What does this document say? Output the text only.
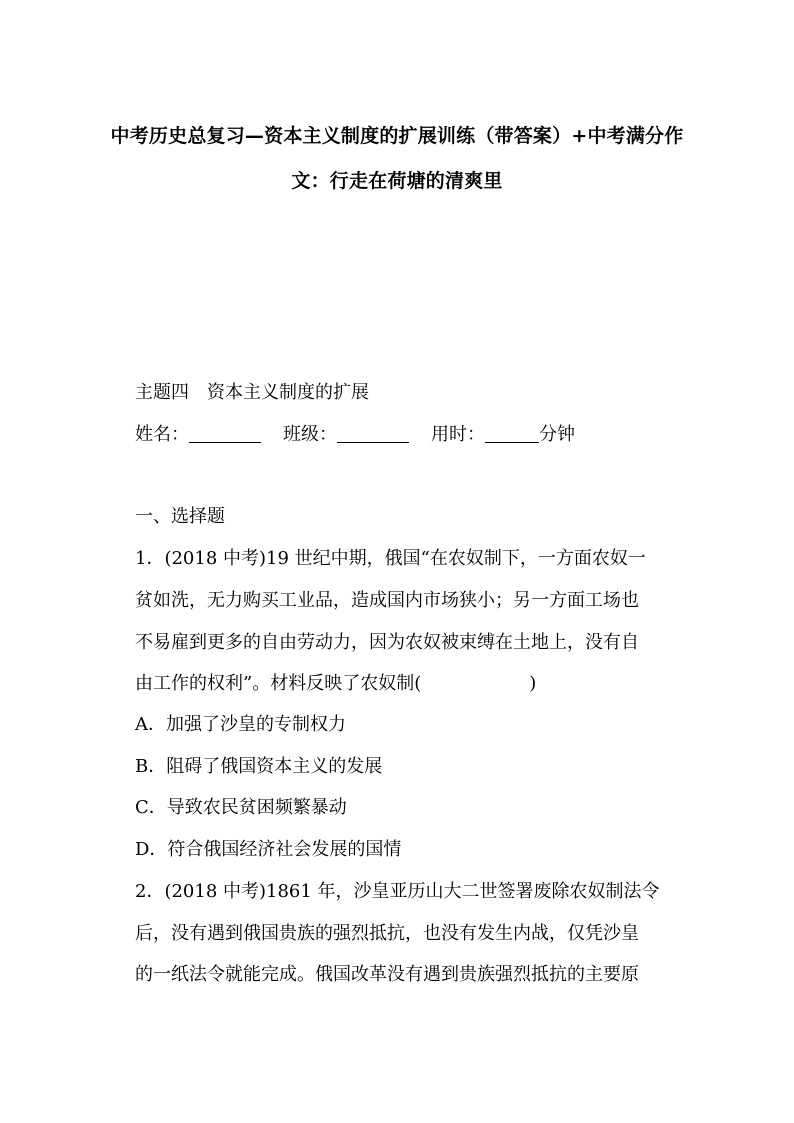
中考历史总复习—资本主义制度的扩展训练（带答案）+中考满分作
文：行走在荷塘的清爽里
主题四　资本主义制度的扩展
姓名：	班级：	用时：	分钟
一、选择题
1．(2018 中考)19 世纪中期，俄国“在农奴制下，一方面农奴一
贫如洗，无力购买工业品，造成国内市场狭小；另一方面工场也
不易雇到更多的自由劳动力，因为农奴被束缚在土地上，没有自
由工作的权利”。材料反映了农奴制(　　　　　　)
A．加强了沙皇的专制权力
B．阻碍了俄国资本主义的发展
C．导致农民贫困频繁暴动
D．符合俄国经济社会发展的国情
2．(2018 中考)1861 年，沙皇亚历山大二世签署废除农奴制法令
后，没有遇到俄国贵族的强烈抵抗，也没有发生内战，仅凭沙皇
的一纸法令就能完成。俄国改革没有遇到贵族强烈抵抗的主要原
